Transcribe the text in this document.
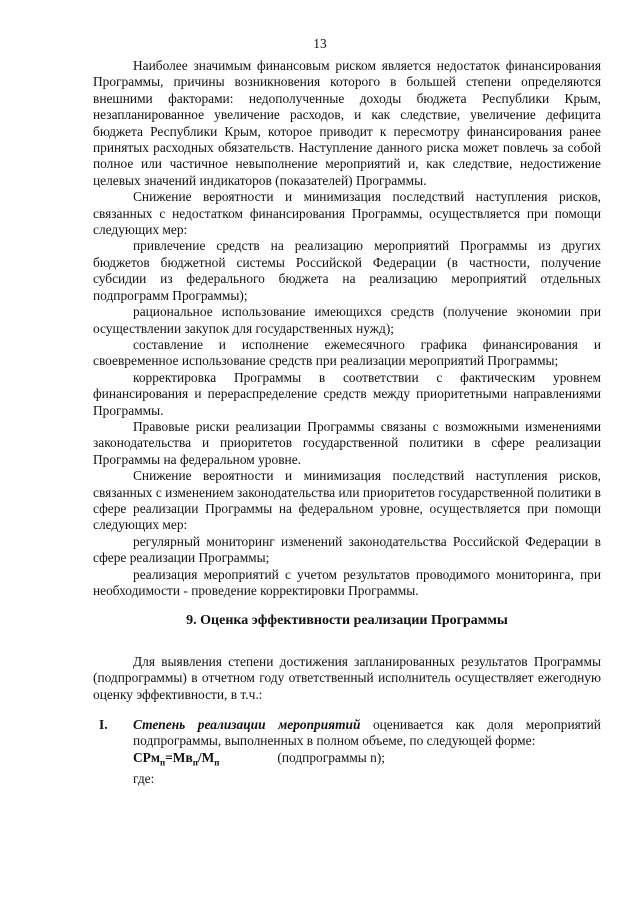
13

Наиболее значимым финансовым риском является недостаток финансирования Программы, причины возникновения которого в большей степени определяются внешними факторами: недополученные доходы бюджета Республики Крым, незапланированное увеличение расходов, и как следствие, увеличение дефицита бюджета Республики Крым, которое приводит к пересмотру финансирования ранее принятых расходных обязательств. Наступление данного риска может повлечь за собой полное или частичное невыполнение мероприятий и, как следствие, недостижение целевых значений индикаторов (показателей) Программы.

Снижение вероятности и минимизация последствий наступления рисков, связанных с недостатком финансирования Программы, осуществляется при помощи следующих мер:

привлечение средств на реализацию мероприятий Программы из других бюджетов бюджетной системы Российской Федерации (в частности, получение субсидии из федерального бюджета на реализацию мероприятий отдельных подпрограмм Программы);

рациональное использование имеющихся средств (получение экономии при осуществлении закупок для государственных нужд);

составление и исполнение ежемесячного графика финансирования и своевременное использование средств при реализации мероприятий Программы;

корректировка Программы в соответствии с фактическим уровнем финансирования и перераспределение средств между приоритетными направлениями Программы.

Правовые риски реализации Программы связаны с возможными изменениями законодательства и приоритетов государственной политики в сфере реализации Программы на федеральном уровне.

Снижение вероятности и минимизация последствий наступления рисков, связанных с изменением законодательства или приоритетов государственной политики в сфере реализации Программы на федеральном уровне, осуществляется при помощи следующих мер:

регулярный мониторинг изменений законодательства Российской Федерации в сфере реализации Программы;

реализация мероприятий с учетом результатов проводимого мониторинга, при необходимости - проведение корректировки Программы.

9. Оценка эффективности реализации Программы

Для выявления степени достижения запланированных результатов Программы (подпрограммы) в отчетном году ответственный исполнитель осуществляет ежегодную оценку эффективности, в т.ч.:

I.	Степень реализации мероприятий оценивается как доля мероприятий подпрограммы, выполненных в полном объеме, по следующей форме:

$СРм_п=Мв_п/М_п$	(подпрограммы n);

где:
